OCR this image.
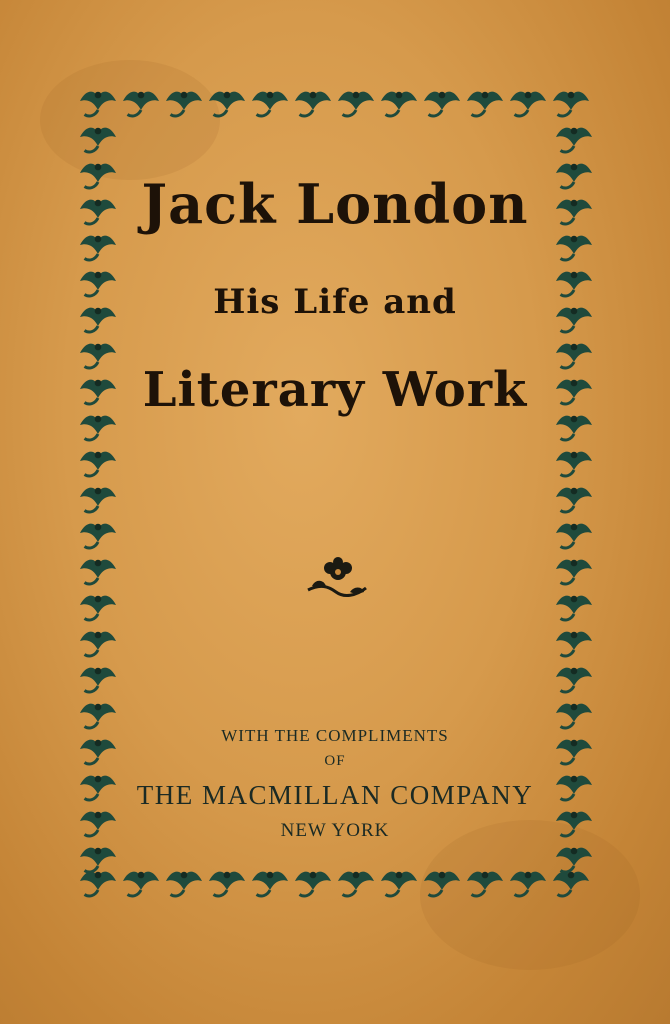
Jack London
His Life and
Literary Work
WITH THE COMPLIMENTS
OF
THE MACMILLAN COMPANY
NEW YORK
